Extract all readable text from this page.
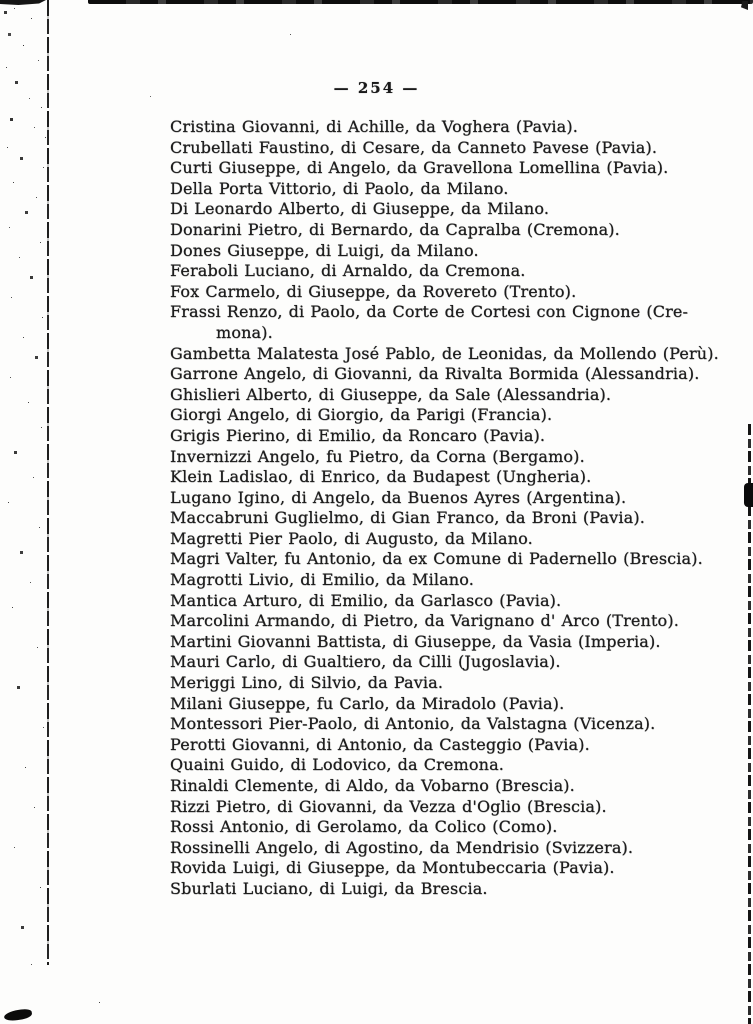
— 254 —
Cristina Giovanni, di Achille, da Voghera (Pavia).
Crubellati Faustino, di Cesare, da Canneto Pavese (Pavia).
Curti Giuseppe, di Angelo, da Gravellona Lomellina (Pavia).
Della Porta Vittorio, di Paolo, da Milano.
Di Leonardo Alberto, di Giuseppe, da Milano.
Donarini Pietro, di Bernardo, da Capralba (Cremona).
Dones Giuseppe, di Luigi, da Milano.
Feraboli Luciano, di Arnaldo, da Cremona.
Fox Carmelo, di Giuseppe, da Rovereto (Trento).
Frassi Renzo, di Paolo, da Corte de Cortesi con Cignone (Cre-
mona).
Gambetta Malatesta José Pablo, de Leonidas, da Mollendo (Perù).
Garrone Angelo, di Giovanni, da Rivalta Bormida (Alessandria).
Ghislieri Alberto, di Giuseppe, da Sale (Alessandria).
Giorgi Angelo, di Giorgio, da Parigi (Francia).
Grigis Pierino, di Emilio, da Roncaro (Pavia).
Invernizzi Angelo, fu Pietro, da Corna (Bergamo).
Klein Ladislao, di Enrico, da Budapest (Ungheria).
Lugano Igino, di Angelo, da Buenos Ayres (Argentina).
Maccabruni Guglielmo, di Gian Franco, da Broni (Pavia).
Magretti Pier Paolo, di Augusto, da Milano.
Magri Valter, fu Antonio, da ex Comune di Padernello (Brescia).
Magrotti Livio, di Emilio, da Milano.
Mantica Arturo, di Emilio, da Garlasco (Pavia).
Marcolini Armando, di Pietro, da Varignano d' Arco (Trento).
Martini Giovanni Battista, di Giuseppe, da Vasia (Imperia).
Mauri Carlo, di Gualtiero, da Cilli (Jugoslavia).
Meriggi Lino, di Silvio, da Pavia.
Milani Giuseppe, fu Carlo, da Miradolo (Pavia).
Montessori Pier-Paolo, di Antonio, da Valstagna (Vicenza).
Perotti Giovanni, di Antonio, da Casteggio (Pavia).
Quaini Guido, di Lodovico, da Cremona.
Rinaldi Clemente, di Aldo, da Vobarno (Brescia).
Rizzi Pietro, di Giovanni, da Vezza d'Oglio (Brescia).
Rossi Antonio, di Gerolamo, da Colico (Como).
Rossinelli Angelo, di Agostino, da Mendrisio (Svizzera).
Rovida Luigi, di Giuseppe, da Montubeccaria (Pavia).
Sburlati Luciano, di Luigi, da Brescia.
